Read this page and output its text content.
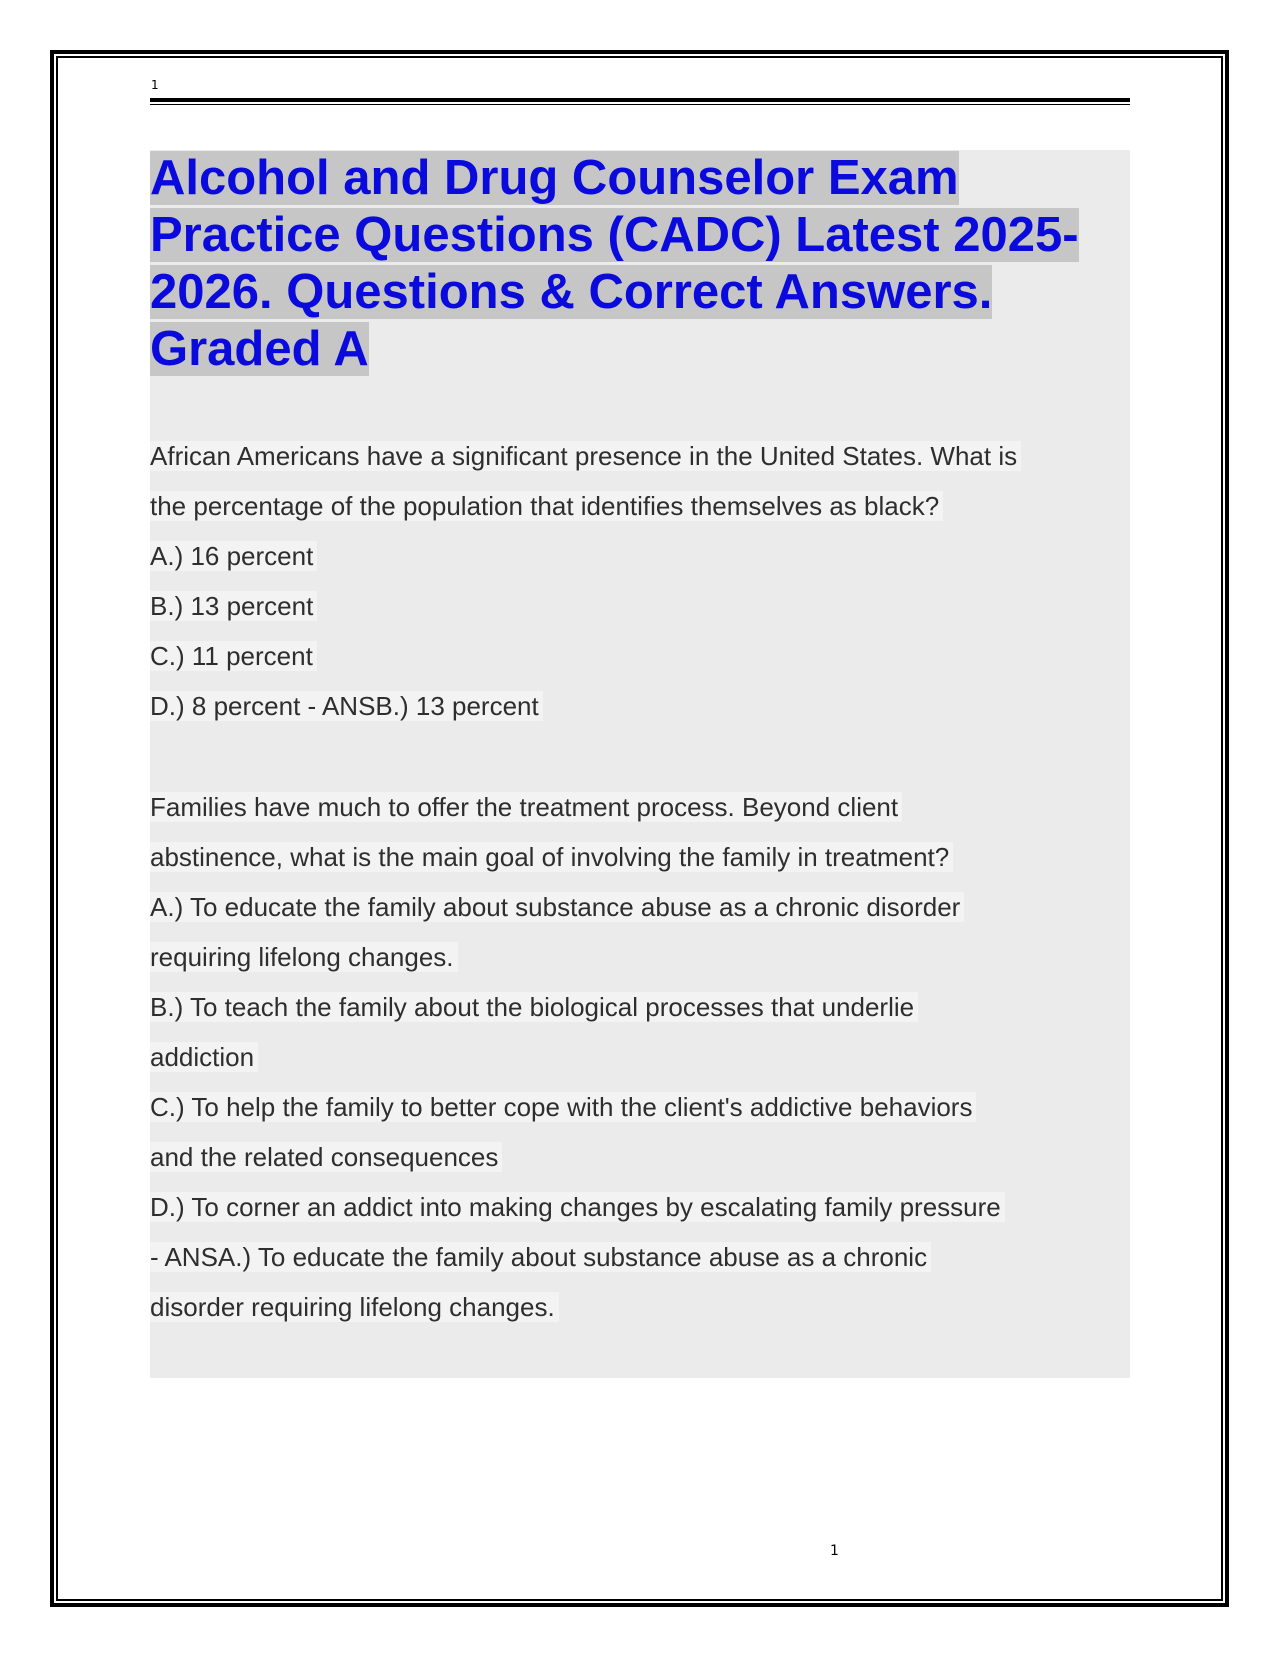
1
Alcohol and Drug Counselor Exam
Practice Questions (CADC) Latest 2025-
2026. Questions & Correct Answers.
Graded A
African Americans have a significant presence in the United States. What is
the percentage of the population that identifies themselves as black?
A.) 16 percent
B.) 13 percent
C.) 11 percent
D.) 8 percent - ANSB.) 13 percent
Families have much to offer the treatment process. Beyond client
abstinence, what is the main goal of involving the family in treatment?
A.) To educate the family about substance abuse as a chronic disorder
requiring lifelong changes.
B.) To teach the family about the biological processes that underlie
addiction
C.) To help the family to better cope with the client's addictive behaviors
and the related consequences
D.) To corner an addict into making changes by escalating family pressure
- ANSA.) To educate the family about substance abuse as a chronic
disorder requiring lifelong changes.
1
